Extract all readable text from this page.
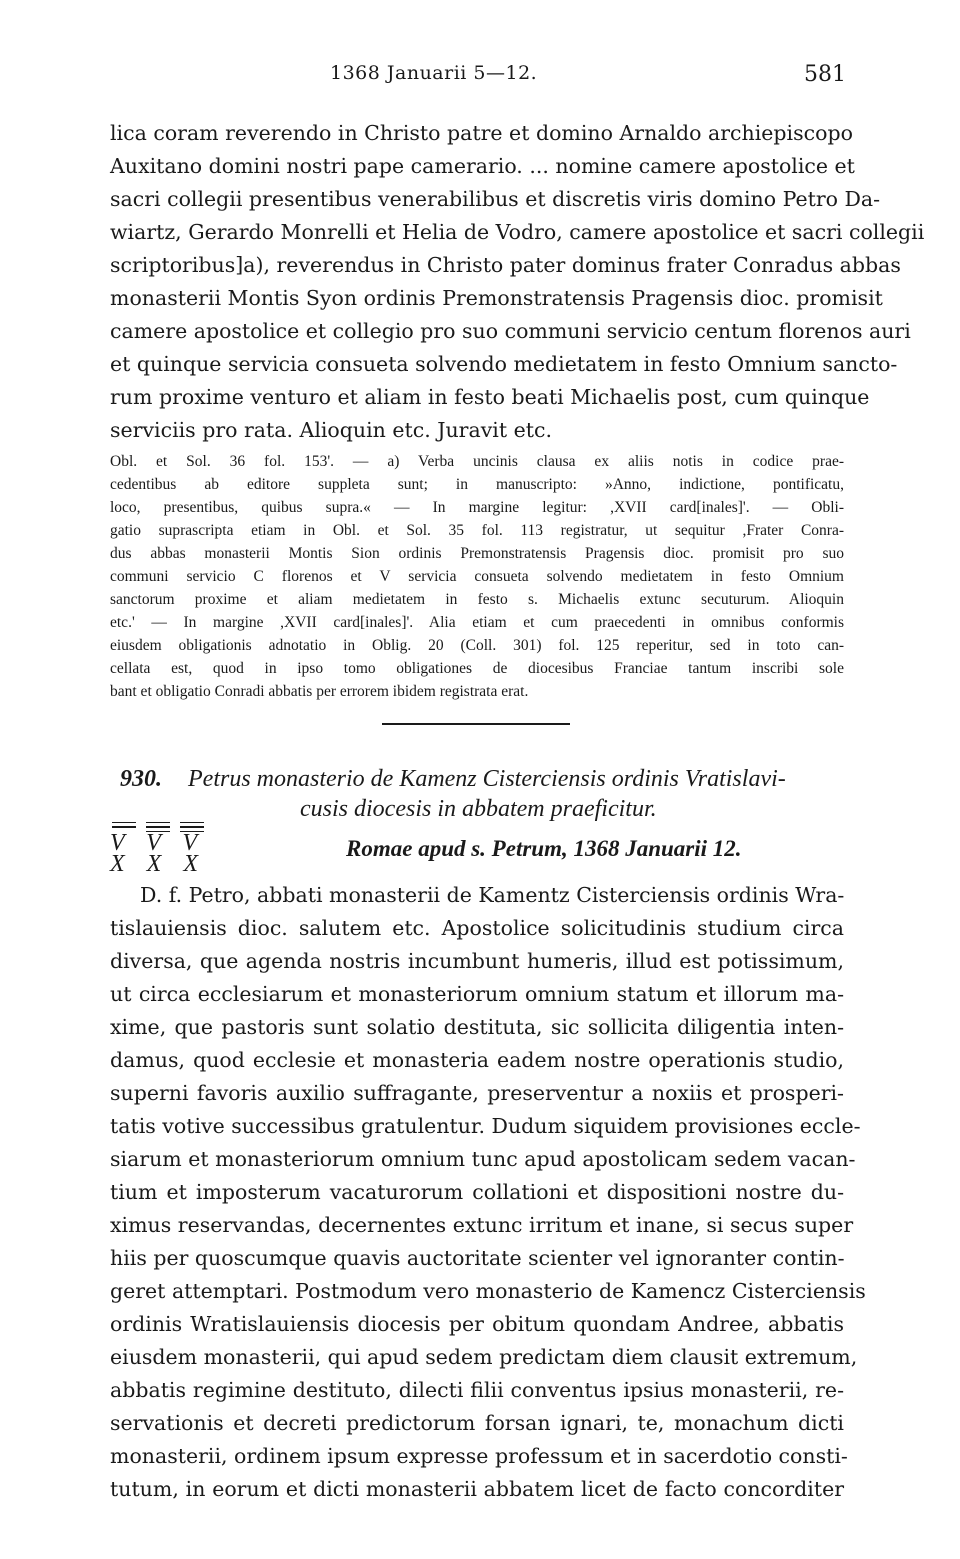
1368 Januarii 5—12.	581
lica coram reverendo in Christo patre et domino Arnaldo archiepiscopo
Auxitano domini nostri pape camerario. ... nomine camere apostolice et
sacri collegii presentibus venerabilibus et discretis viris domino Petro Da-
wiartz, Gerardo Monrelli et Helia de Vodro, camere apostolice et sacri collegii
scriptoribus]a), reverendus in Christo pater dominus frater Conradus abbas
monasterii Montis Syon ordinis Premonstratensis Pragensis dioc. promisit
camere apostolice et collegio pro suo communi servicio centum florenos auri
et quinque servicia consueta solvendo medietatem in festo Omnium sancto-
rum proxime venturo et aliam in festo beati Michaelis post, cum quinque
serviciis pro rata. Alioquin etc. Juravit etc.
Obl. et Sol. 36 fol. 153'. — a) Verba uncinis clausa ex aliis notis in codice prae-
cedentibus ab editore suppleta sunt; in manuscripto: »Anno, indictione, pontificatu,
loco, presentibus, quibus supra.« — In margine legitur: ,XVII card[inales]'. — Obli-
gatio suprascripta etiam in Obl. et Sol. 35 fol. 113 registratur, ut sequitur ,Frater Conra-
dus abbas monasterii Montis Sion ordinis Premonstratensis Pragensis dioc. promisit pro suo
communi servicio C florenos et V servicia consueta solvendo medietatem in festo Omnium
sanctorum proxime et aliam medietatem in festo s. Michaelis extunc secuturum. Alioquin
etc.' — In margine ,XVII card[inales]'. Alia etiam et cum praecedenti in omnibus conformis
eiusdem obligationis adnotatio in Oblig. 20 (Coll. 301) fol. 125 reperitur, sed in toto can-
cellata est, quod in ipso tomo obligationes de diocesibus Franciae tantum inscribi sole
bant et obligatio Conradi abbatis per errorem ibidem registrata erat.
930. Petrus monasterio de Kamenz Cisterciensis ordinis Vratislavi-
cusis diocesis in abbatem praeficitur.
V V V
X X X
Romae apud s. Petrum, 1368 Januarii 12.
D. f. Petro, abbati monasterii de Kamentz Cisterciensis ordinis Wra-
tislauiensis dioc. salutem etc. Apostolice solicitudinis studium circa
diversa, que agenda nostris incumbunt humeris, illud est potissimum,
ut circa ecclesiarum et monasteriorum omnium statum et illorum ma-
xime, que pastoris sunt solatio destituta, sic sollicita diligentia inten-
damus, quod ecclesie et monasteria eadem nostre operationis studio,
superni favoris auxilio suffragante, preserventur a noxiis et prosperi-
tatis votive successibus gratulentur. Dudum siquidem provisiones eccle-
siarum et monasteriorum omnium tunc apud apostolicam sedem vacan-
tium et imposterum vacaturorum collationi et dispositioni nostre du-
ximus reservandas, decernentes extunc irritum et inane, si secus super
hiis per quoscumque quavis auctoritate scienter vel ignoranter contin-
geret attemptari. Postmodum vero monasterio de Kamencz Cisterciensis
ordinis Wratislauiensis diocesis per obitum quondam Andree, abbatis
eiusdem monasterii, qui apud sedem predictam diem clausit extremum,
abbatis regimine destituto, dilecti filii conventus ipsius monasterii, re-
servationis et decreti predictorum forsan ignari, te, monachum dicti
monasterii, ordinem ipsum expresse professum et in sacerdotio consti-
tutum, in eorum et dicti monasterii abbatem licet de facto concorditer
